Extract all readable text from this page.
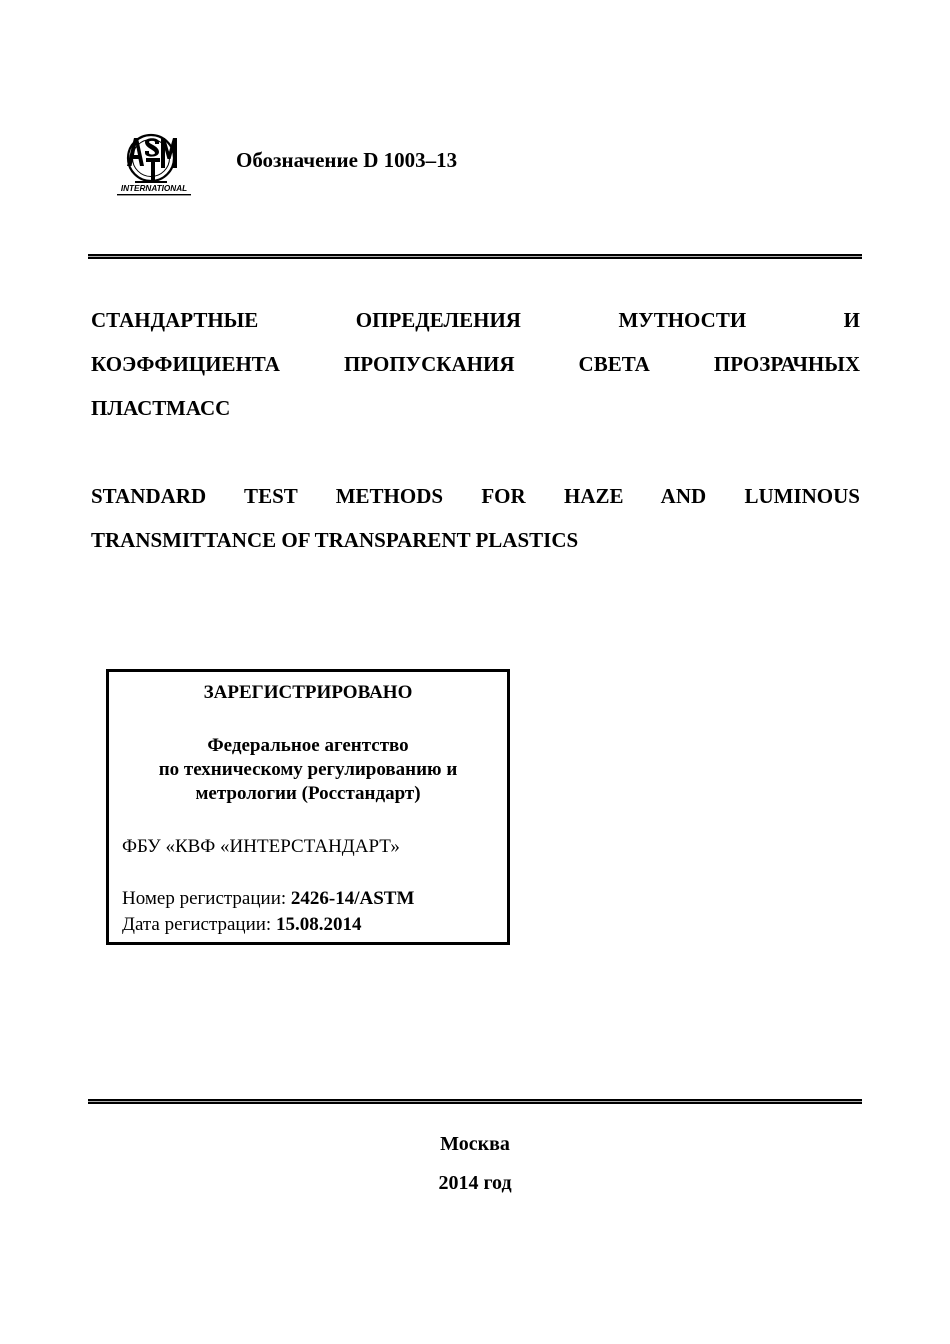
INTERNATIONAL
Обозначение D 1003–13
СТАНДАРТНЫЕ ОПРЕДЕЛЕНИЯ МУТНОСТИ И
КОЭФФИЦИЕНТА ПРОПУСКАНИЯ СВЕТА ПРОЗРАЧНЫХ
ПЛАСТМАСС
STANDARD TEST METHODS FOR HAZE AND LUMINOUS
TRANSMITTANCE OF TRANSPARENT PLASTICS
ЗАРЕГИСТРИРОВАНО
Федеральное агентство
по техническому регулированию и
метрологии (Росстандарт)
ФБУ «КВФ «ИНТЕРСТАНДАРТ»
Номер регистрации: 2426-14/ASTM
Дата регистрации: 15.08.2014
Москва
2014 год
